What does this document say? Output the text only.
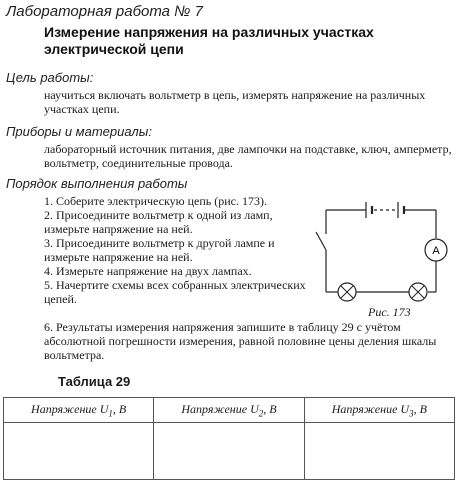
Лабораторная работа № 7
Измерение напряжения на различных участках электрической цепи
Цель работы:
научиться включать вольтметр в цепь, измерять напряжение на различных участках цепи.
Приборы и материалы:
лабораторный источник питания, две лампочки на подставке, ключ, амперметр, вольтметр, соединительные провода.
Порядок выполнения работы

1. Соберите электрическую цепь (рис. 173).

2. Присоедините вольтметр к одной из ламп, измерьте напряжение на ней.

3. Присоедините вольтметр к другой лампе и измерьте напряжение на ней.

4. Измерьте напряжение на двух лампах.

5. Начертите схемы всех собранных электрических цепей.

6. Результаты измерения напряжения запишите в таблицу 29 с учётом абсолютной погрешности измерения, равной половине цены деления шкалы вольтметра.
A
Рис. 173
Таблица 29
Напряжение $U_1$, В	Напряжение $U_2$, В	Напряжение $U_3$, В
